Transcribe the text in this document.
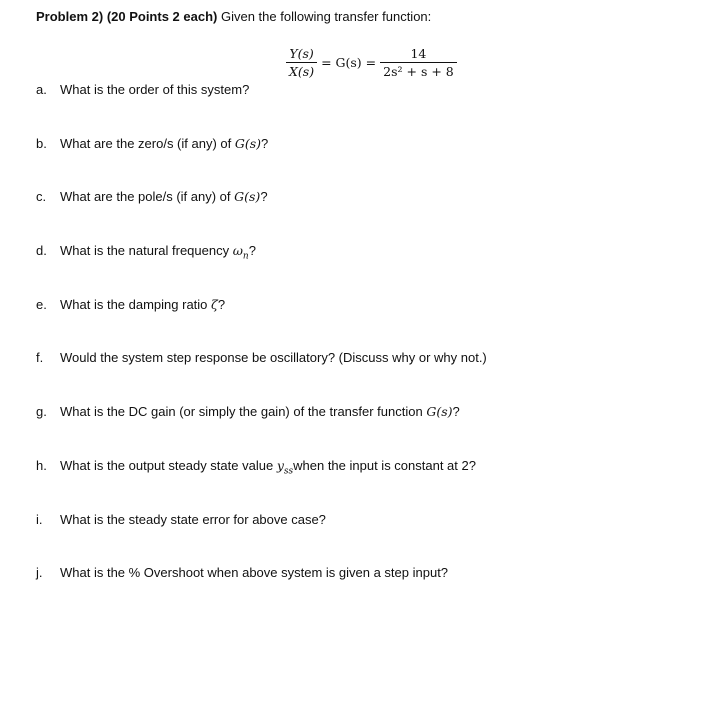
Problem 2) (20 Points 2 each) Given the following transfer function:
$\frac{Y(s)}{X(s)} = G(s) = \frac{14}{\text{2s² + s + 8}}$
a.	What is the order of this system?
b.	What are the zero/s (if any) of
G(s) ?
c.	What are the pole/s (if any) of
G(s) ?
d.	What is the natural frequency
$\omega_n$ ?
e.	What is the damping ratio
ζ ?
f.	Would the system step response be oscillatory? (Discuss why or why not.)
g.	What is the DC gain (or simply the gain) of the transfer function
G(s) ?
h.	What is the output steady state value
$y_{ss}$ when the input is constant at 2?
i.	What is the steady state error for above case?
j.	What is the % Overshoot when above system is given a step input?
